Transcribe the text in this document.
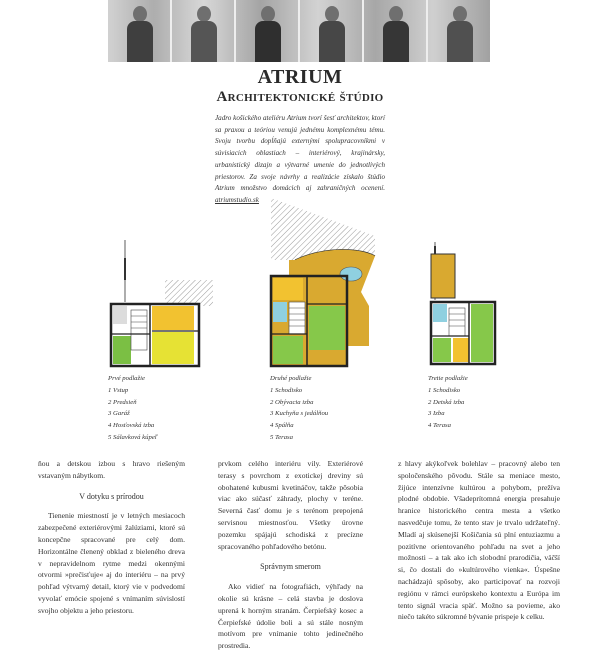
ATRIUM
Architektonické štúdio
Jadro košického ateliéru Atrium tvorí šesť architektov, ktorí sa praxou a teóriou venujú jednému komplexnému tému. Svoju tvorbu dopĺňajú externými spolupracovníkmi v súvisiacich oblastiach – interiérový, krajinársky, urbanistický dizajn a výtvarné umenie do jednotlivých priestorov. Za svoje návrhy a realizácie získalo štúdio Atrium množstvo domácich aj zahraničných ocenení. atriumstudio.sk
Prvé podlažie
1 Vstup
2 Predsieň
3 Garáž
4 Hosťovská izba
5 Sálavková kúpeľ
Druhé podlažie
1 Schodisko
2 Obývacia izba
3 Kuchyňa s jedálňou
4 Spálňa
5 Terasa
Tretie podlažie
1 Schodisko
2 Detská izba
3 Izba
4 Terasa

ňou a detskou izbou s hravo riešeným vstavaným nábytkom.

V dotyku s prírodou

Tienenie miestností je v letných mesiacoch zabezpečené exteriérovými žalúziami, ktoré sú koncepčne spracované pre celý dom. Horizontálne členený obklad z bieleného dreva v nepravidelnom rytme medzi okennými otvormi »prečisťuje« aj do interiéru – na prvý pohľad výtvarný detail, ktorý vie v podvedomí vyvolať emócie spojené s vnímaním súvislostí svojho objektu a jeho priestoru.

prvkom celého interiéru vily. Exteriérové terasy s povrchom z exotickej dreviny sú obohatené kubusmi kvetináčov, takže pôsobia viac ako súčasť záhrady, plochy v teréne. Severná časť domu je s terénom prepojená servisnou miestnosťou. Všetky úrovne pozemku spájajú schodiská z precízne spracovaného pohľadového betónu.

Správnym smerom

Ako vidieť na fotografiách, výhľady na okolie sú krásne – celá stavba je doslova uprená k horným stranám. Čerpiefský kosec a Čerpiefské údolie boli a sú stále nosným motívom pre vnímanie tohto jedinečného prostredia.

z hlavy akýkoľvek bolehlav – pracovný alebo ten spoločenského pôvodu. Stále sa meniace mesto, žijúce intenzívne kultúrou a pohybom, prežíva plodné obdobie. Všadeprítomná energia presahuje hranice historického centra mesta a všetko nasvedčuje tomu, že tento stav je trvalo udržateľný. Mladí aj skúsenejší Košičania sú plní entuziazmu a pozitívne orientovaného pohľadu na svet a jeho možnosti – a tak ako ich slobodní prarodičia, väčší si, čo dostali do »kultúrového vienka«. Úspešne nachádzajú spôsoby, ako participovať na rozvoji regiónu v rámci európskeho kontextu a Európa im tento signál vracia späť. Možno sa povieme, ako niečo takéto súkromné bývanie prispeje k celku.
